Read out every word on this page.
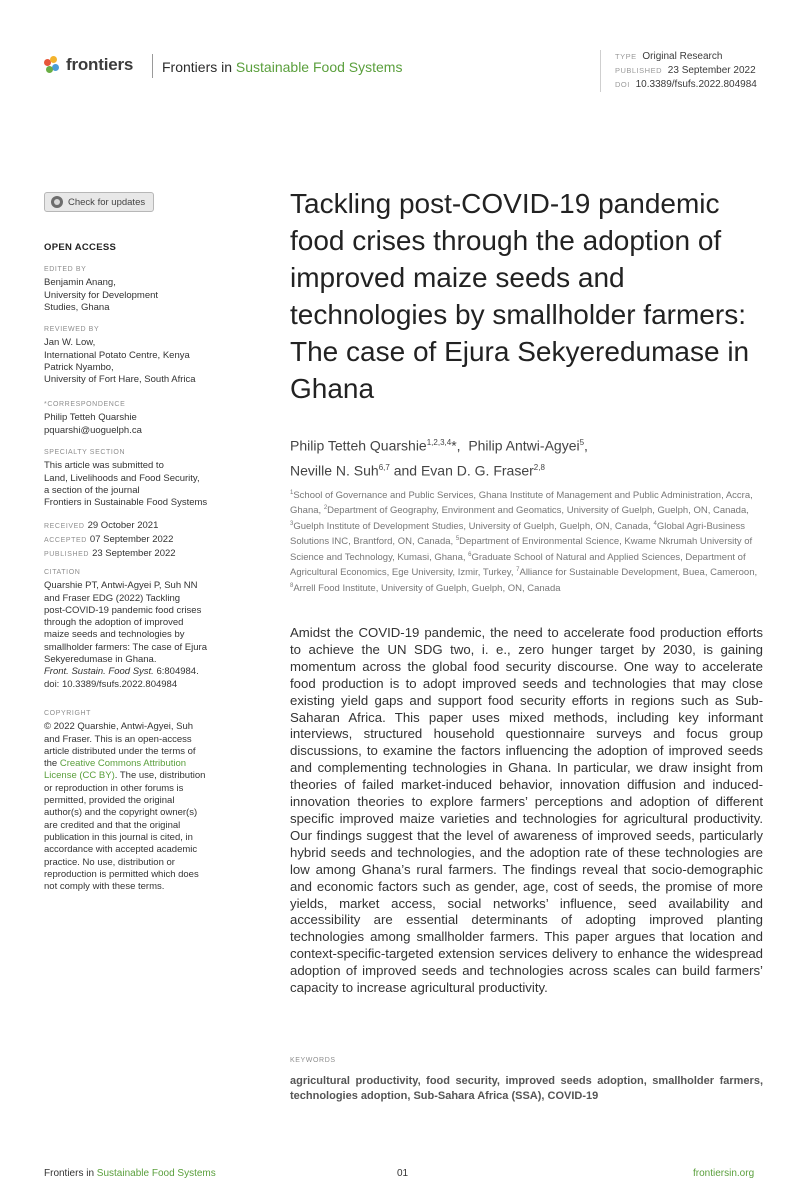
frontiers Frontiers in Sustainable Food Systems
TYPE Original Research
PUBLISHED 23 September 2022
DOI 10.3389/fsufs.2022.804984
Check for updates
OPEN ACCESS
EDITED BY
Benjamin Anang,
University for Development
Studies, Ghana
REVIEWED BY
Jan W. Low,
International Potato Centre, Kenya
Patrick Nyambo,
University of Fort Hare, South Africa
*CORRESPONDENCE
Philip Tetteh Quarshie
pquarshi@uoguelph.ca
SPECIALTY SECTION
This article was submitted to
Land, Livelihoods and Food Security,
a section of the journal
Frontiers in Sustainable Food Systems
RECEIVED 29 October 2021
ACCEPTED 07 September 2022
PUBLISHED 23 September 2022
CITATION
Quarshie PT, Antwi-Agyei P, Suh NN
and Fraser EDG (2022) Tackling
post-COVID-19 pandemic food crises
through the adoption of improved
maize seeds and technologies by
smallholder farmers: The case of Ejura
Sekyeredumase in Ghana.
Front. Sustain. Food Syst. 6:804984.
doi: 10.3389/fsufs.2022.804984
COPYRIGHT
© 2022 Quarshie, Antwi-Agyei, Suh
and Fraser. This is an open-access
article distributed under the terms of
the Creative Commons Attribution
License (CC BY). The use, distribution
or reproduction in other forums is
permitted, provided the original
author(s) and the copyright owner(s)
are credited and that the original
publication in this journal is cited, in
accordance with accepted academic
practice. No use, distribution or
reproduction is permitted which does
not comply with these terms.
Tackling post-COVID-19 pandemic food crises through the adoption of improved maize seeds and technologies by smallholder farmers: The case of Ejura Sekyeredumase in Ghana
Philip Tetteh Quarshie$^{1,2,3,4}$*,  Philip Antwi-Agyei$^5$,
Neville N. Suh$^{6,7}$ and Evan D. G. Fraser$^{2,8}$
$^1$School of Governance and Public Services, Ghana Institute of Management and Public Administration, Accra, Ghana, $^2$Department of Geography, Environment and Geomatics, University of Guelph, Guelph, ON, Canada, $^3$Guelph Institute of Development Studies, University of Guelph, Guelph, ON, Canada, $^4$Global Agri-Business Solutions INC, Brantford, ON, Canada, $^5$Department of Environmental Science, Kwame Nkrumah University of Science and Technology, Kumasi, Ghana, $^6$Graduate School of Natural and Applied Sciences, Department of Agricultural Economics, Ege University, Izmir, Turkey, $^7$Alliance for Sustainable Development, Buea, Cameroon, $^8$Arrell Food Institute, University of Guelph, Guelph, ON, Canada

Amidst the COVID-19 pandemic, the need to accelerate food production efforts to achieve the UN SDG two, i. e., zero hunger target by 2030, is gaining momentum across the global food security discourse. One way to accelerate food production is to adopt improved seeds and technologies that may close existing yield gaps and support food security efforts in regions such as Sub-Saharan Africa. This paper uses mixed methods, including key informant interviews, structured household questionnaire surveys and focus group discussions, to examine the factors influencing the adoption of improved seeds and complementing technologies in Ghana. In particular, we draw insight from theories of failed market-induced behavior, innovation diffusion and induced-innovation theories to explore farmers’ perceptions and adoption of different specific improved maize varieties and technologies for agricultural productivity. Our findings suggest that the level of awareness of improved seeds, particularly hybrid seeds and technologies, and the adoption rate of these technologies are low among Ghana’s rural farmers. The findings reveal that socio-demographic and economic factors such as gender, age, cost of seeds, the promise of more yields, market access, social networks’ influence, seed availability and accessibility are essential determinants of adopting improved planting technologies among smallholder farmers. This paper argues that location and context-specific-targeted extension services delivery to enhance the widespread adoption of improved seeds and technologies across scales can build farmers’ capacity to increase agricultural productivity.

KEYWORDS

agricultural productivity, food security, improved seeds adoption, smallholder farmers, technologies adoption, Sub-Sahara Africa (SSA), COVID-19

Frontiers in Sustainable Food Systems	01	frontiersin.org
